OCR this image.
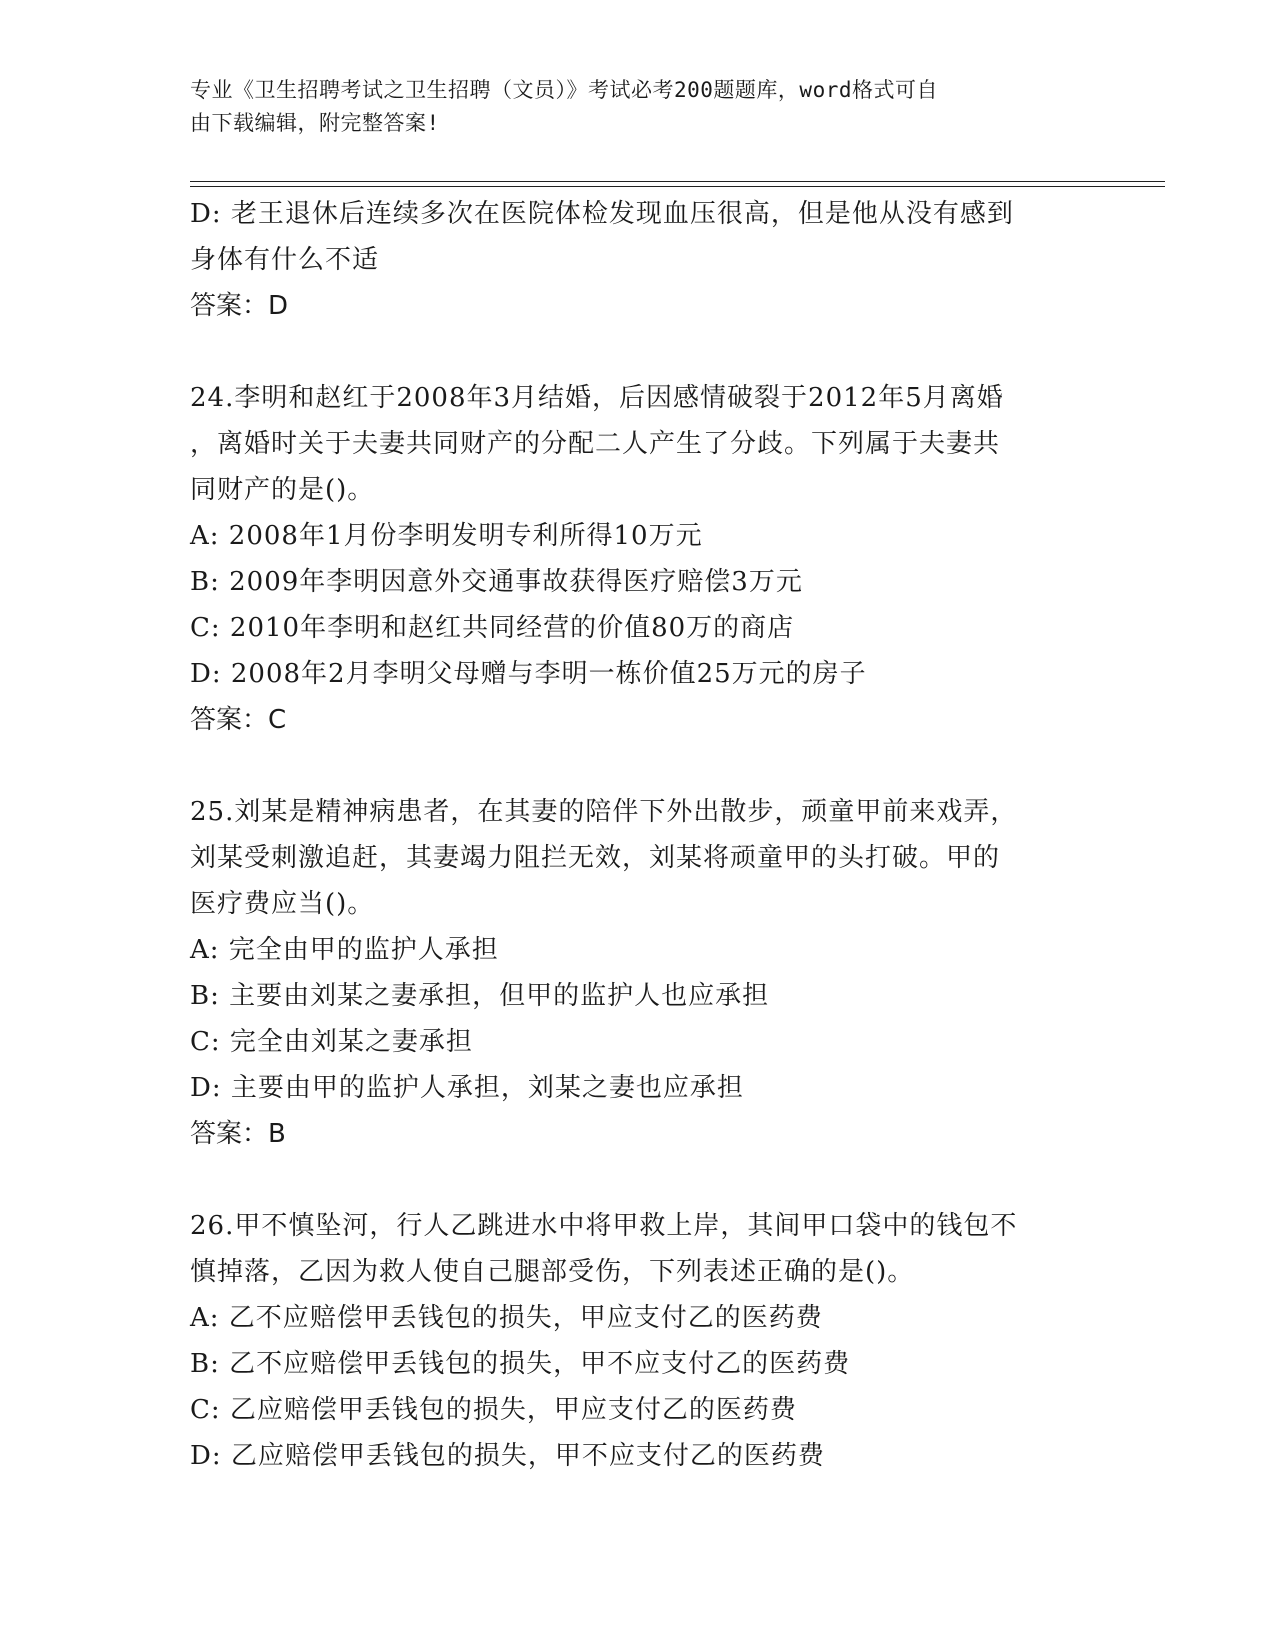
专业《卫生招聘考试之卫生招聘（文员）》考试必考200题题库，word格式可自
由下载编辑，附完整答案!
D: 老王退休后连续多次在医院体检发现血压很高，但是他从没有感到
身体有什么不适
答案：D
24.李明和赵红于2008年3月结婚，后因感情破裂于2012年5月离婚
，离婚时关于夫妻共同财产的分配二人产生了分歧。下列属于夫妻共
同财产的是()。
A: 2008年1月份李明发明专利所得10万元
B: 2009年李明因意外交通事故获得医疗赔偿3万元
C: 2010年李明和赵红共同经营的价值80万的商店
D: 2008年2月李明父母赠与李明一栋价值25万元的房子
答案：C
25.刘某是精神病患者，在其妻的陪伴下外出散步，顽童甲前来戏弄，
刘某受刺激追赶，其妻竭力阻拦无效，刘某将顽童甲的头打破。甲的
医疗费应当()。
A: 完全由甲的监护人承担
B: 主要由刘某之妻承担，但甲的监护人也应承担
C: 完全由刘某之妻承担
D: 主要由甲的监护人承担，刘某之妻也应承担
答案：B
26.甲不慎坠河，行人乙跳进水中将甲救上岸，其间甲口袋中的钱包不
慎掉落，乙因为救人使自己腿部受伤，下列表述正确的是()。
A: 乙不应赔偿甲丢钱包的损失，甲应支付乙的医药费
B: 乙不应赔偿甲丢钱包的损失，甲不应支付乙的医药费
C: 乙应赔偿甲丢钱包的损失，甲应支付乙的医药费
D: 乙应赔偿甲丢钱包的损失，甲不应支付乙的医药费
